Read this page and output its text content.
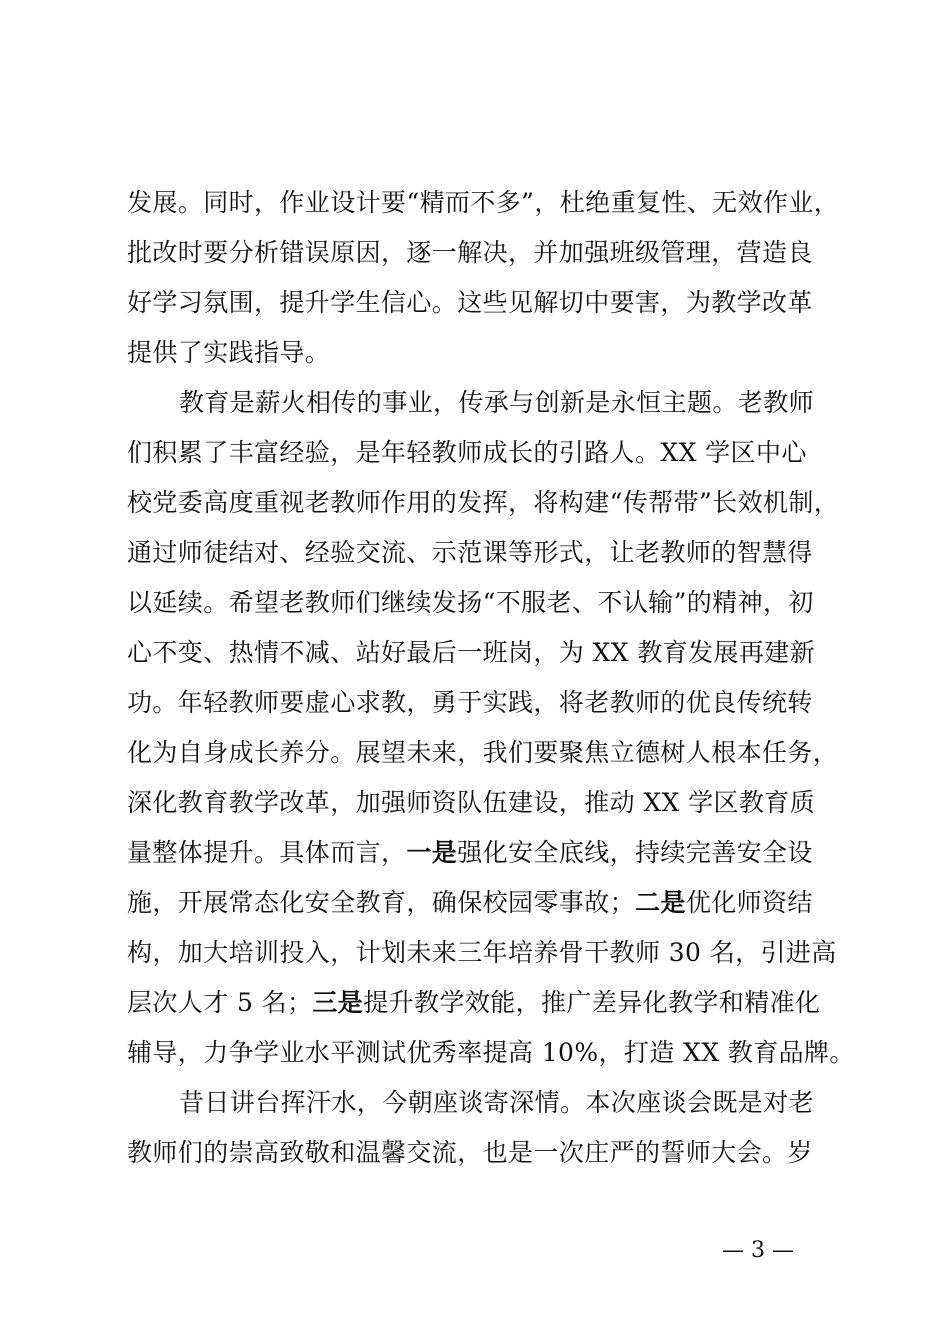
发展。同时，作业设计要“精而不多”，杜绝重复性、无效作业，
批改时要分析错误原因，逐一解决，并加强班级管理，营造良
好学习氛围，提升学生信心。这些见解切中要害，为教学改革
提供了实践指导。
教育是薪火相传的事业，传承与创新是永恒主题。老教师
们积累了丰富经验，是年轻教师成长的引路人。XX 学区中心
校党委高度重视老教师作用的发挥，将构建“传帮带”长效机制，
通过师徒结对、经验交流、示范课等形式，让老教师的智慧得
以延续。希望老教师们继续发扬“不服老、不认输”的精神，初
心不变、热情不减、站好最后一班岗，为 XX 教育发展再建新
功。年轻教师要虚心求教，勇于实践，将老教师的优良传统转
化为自身成长养分。展望未来，我们要聚焦立德树人根本任务，
深化教育教学改革，加强师资队伍建设，推动 XX 学区教育质
量整体提升。具体而言，一是强化安全底线，持续完善安全设
施，开展常态化安全教育，确保校园零事故；二是优化师资结
构，加大培训投入，计划未来三年培养骨干教师 30 名，引进高
层次人才 5 名；三是提升教学效能，推广差异化教学和精准化
辅导，力争学业水平测试优秀率提高 10%，打造 XX 教育品牌。
昔日讲台挥汗水，今朝座谈寄深情。本次座谈会既是对老
教师们的崇高致敬和温馨交流，也是一次庄严的誓师大会。岁
— 3 —
